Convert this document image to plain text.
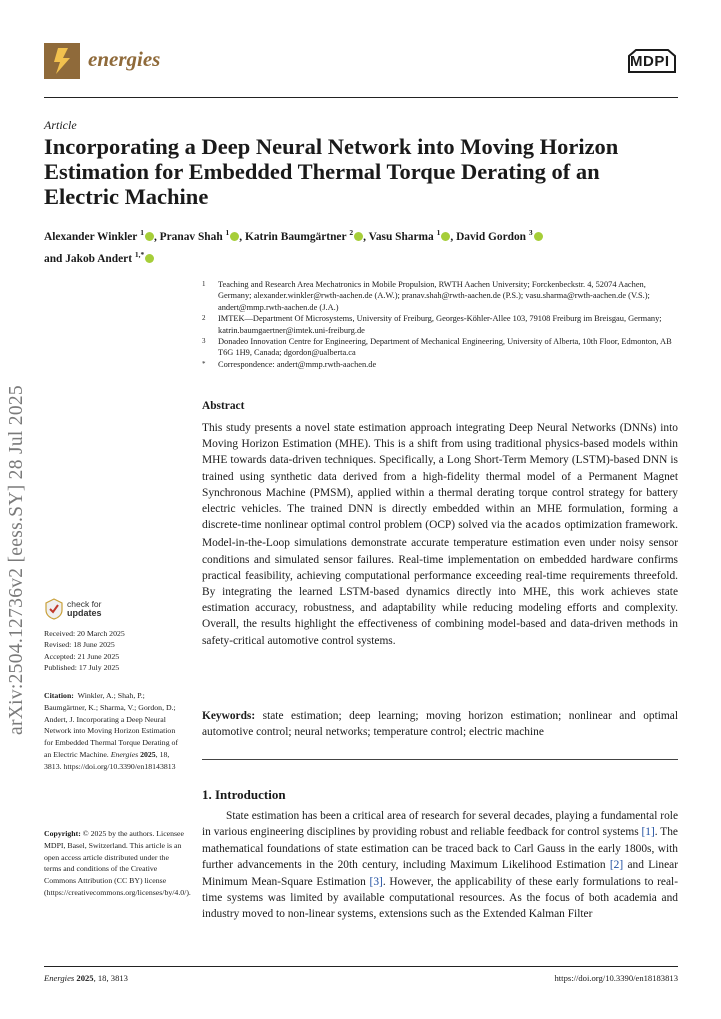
energies	MDPI
Article
Incorporating a Deep Neural Network into Moving Horizon Estimation for Embedded Thermal Torque Derating of an Electric Machine
Alexander Winkler $^1$ , Pranav Shah $^1$ , Katrin Baumgärtner $^2$ , Vasu Sharma $^1$ , David Gordon $^3$
and Jakob Andert $^{1,*}$
1	Teaching and Research Area Mechatronics in Mobile Propulsion, RWTH Aachen University; Forckenbeckstr. 4, 52074 Aachen, Germany; alexander.winkler@rwth-aachen.de (A.W.); pranav.shah@rwth-aachen.de (P.S.); vasu.sharma@rwth-aachen.de (V.S.); andert@mmp.rwth-aachen.de (J.A.)
2	IMTEK—Department Of Microsystems, University of Freiburg, Georges-Köhler-Allee 103, 79108 Freiburg im Breisgau, Germany; katrin.baumgaertner@imtek.uni-freiburg.de
3	Donadeo Innovation Centre for Engineering, Department of Mechanical Engineering, University of Alberta, 10th Floor, Edmonton, AB T6G 1H9, Canada; dgordon@ualberta.ca
*	Correspondence: andert@mmp.rwth-aachen.de
Abstract
This study presents a novel state estimation approach integrating Deep Neural Networks (DNNs) into Moving Horizon Estimation (MHE). This is a shift from using traditional physics-based models within MHE towards data-driven techniques. Specifically, a Long Short-Term Memory (LSTM)-based DNN is trained using synthetic data derived from a high-fidelity thermal model of a Permanent Magnet Synchronous Machine (PMSM), applied within a thermal derating torque control strategy for battery electric vehicles. The trained DNN is directly embedded within an MHE formulation, forming a discrete-time nonlinear optimal control problem (OCP) solved via the acados optimization framework. Model-in-the-Loop simulations demonstrate accurate temperature estimation even under noisy sensor conditions and simulated sensor failures. Real-time implementation on embedded hardware confirms practical feasibility, achieving computational performance exceeding real-time requirements threefold. By integrating the learned LSTM-based dynamics directly into MHE, this work achieves state estimation accuracy, robustness, and adaptability while reducing modeling efforts and complexity. Overall, the results highlight the effectiveness of combining model-based and data-driven methods in safety-critical automotive control systems.
Keywords: state estimation; deep learning; moving horizon estimation; nonlinear and optimal automotive control; neural networks; temperature control; electric machine
1. Introduction
State estimation has been a critical area of research for several decades, playing a fundamental role in various engineering disciplines by providing robust and reliable feedback for control systems [1]. The mathematical foundations of state estimation can be traced back to Carl Gauss in the early 1800s, with further advancements in the 20th century, including Maximum Likelihood Estimation [2] and Linear Minimum Mean-Square Estimation [3]. However, the applicability of these early formulations to real-time systems was limited by available computational resources. As the focus of both academia and industry moved to non-linear systems, extensions such as the Extended Kalman Filter
arXiv:2504.12736v2 [eess.SY] 28 Jul 2025	check for
updates
Received: 20 March 2025
Revised: 18 June 2025
Accepted: 21 June 2025
Published: 17 July 2025
Citation: Winkler, A.; Shah, P.; Baumgärtner, K.; Sharma, V.; Gordon, D.; Andert, J. Incorporating a Deep Neural Network into Moving Horizon Estimation for Embedded Thermal Torque Derating of an Electric Machine. Energies 2025, 18, 3813. https://doi.org/10.3390/en18143813
Copyright: © 2025 by the authors. Licensee MDPI, Basel, Switzerland. This article is an open access article distributed under the terms and conditions of the Creative Commons Attribution (CC BY) license (https://creativecommons.org/licenses/by/4.0/).
Energies 2025, 18, 3813	https://doi.org/10.3390/en18183813
